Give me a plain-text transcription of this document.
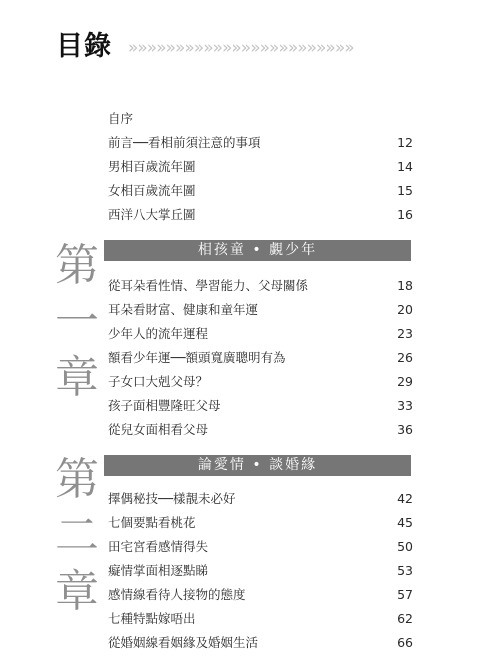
目錄 »»»»»»»»»»»»»»»»»»»»»»»»
自序
前言──看相前須注意的事項	12
男相百歲流年圖	14
女相百歲流年圖	15
西洋八大掌丘圖	16
第
一
章
相孩童 • 覷少年
從耳朵看性情、學習能力、父母關係	18
耳朵看財富、健康和童年運	20
少年人的流年運程	23
額看少年運──額頭寬廣聰明有為	26
子女口大剋父母？	29
孩子面相豐隆旺父母	33
從兒女面相看父母	36
第
二
章
論愛情 • 談婚緣
擇偶秘技──樣靚未必好	42
七個要點看桃花	45
田宅宮看感情得失	50
癡情掌面相逐點睇	53
感情線看待人接物的態度	57
七種特點嫁唔出	62
從婚姻線看姻緣及婚姻生活	66
